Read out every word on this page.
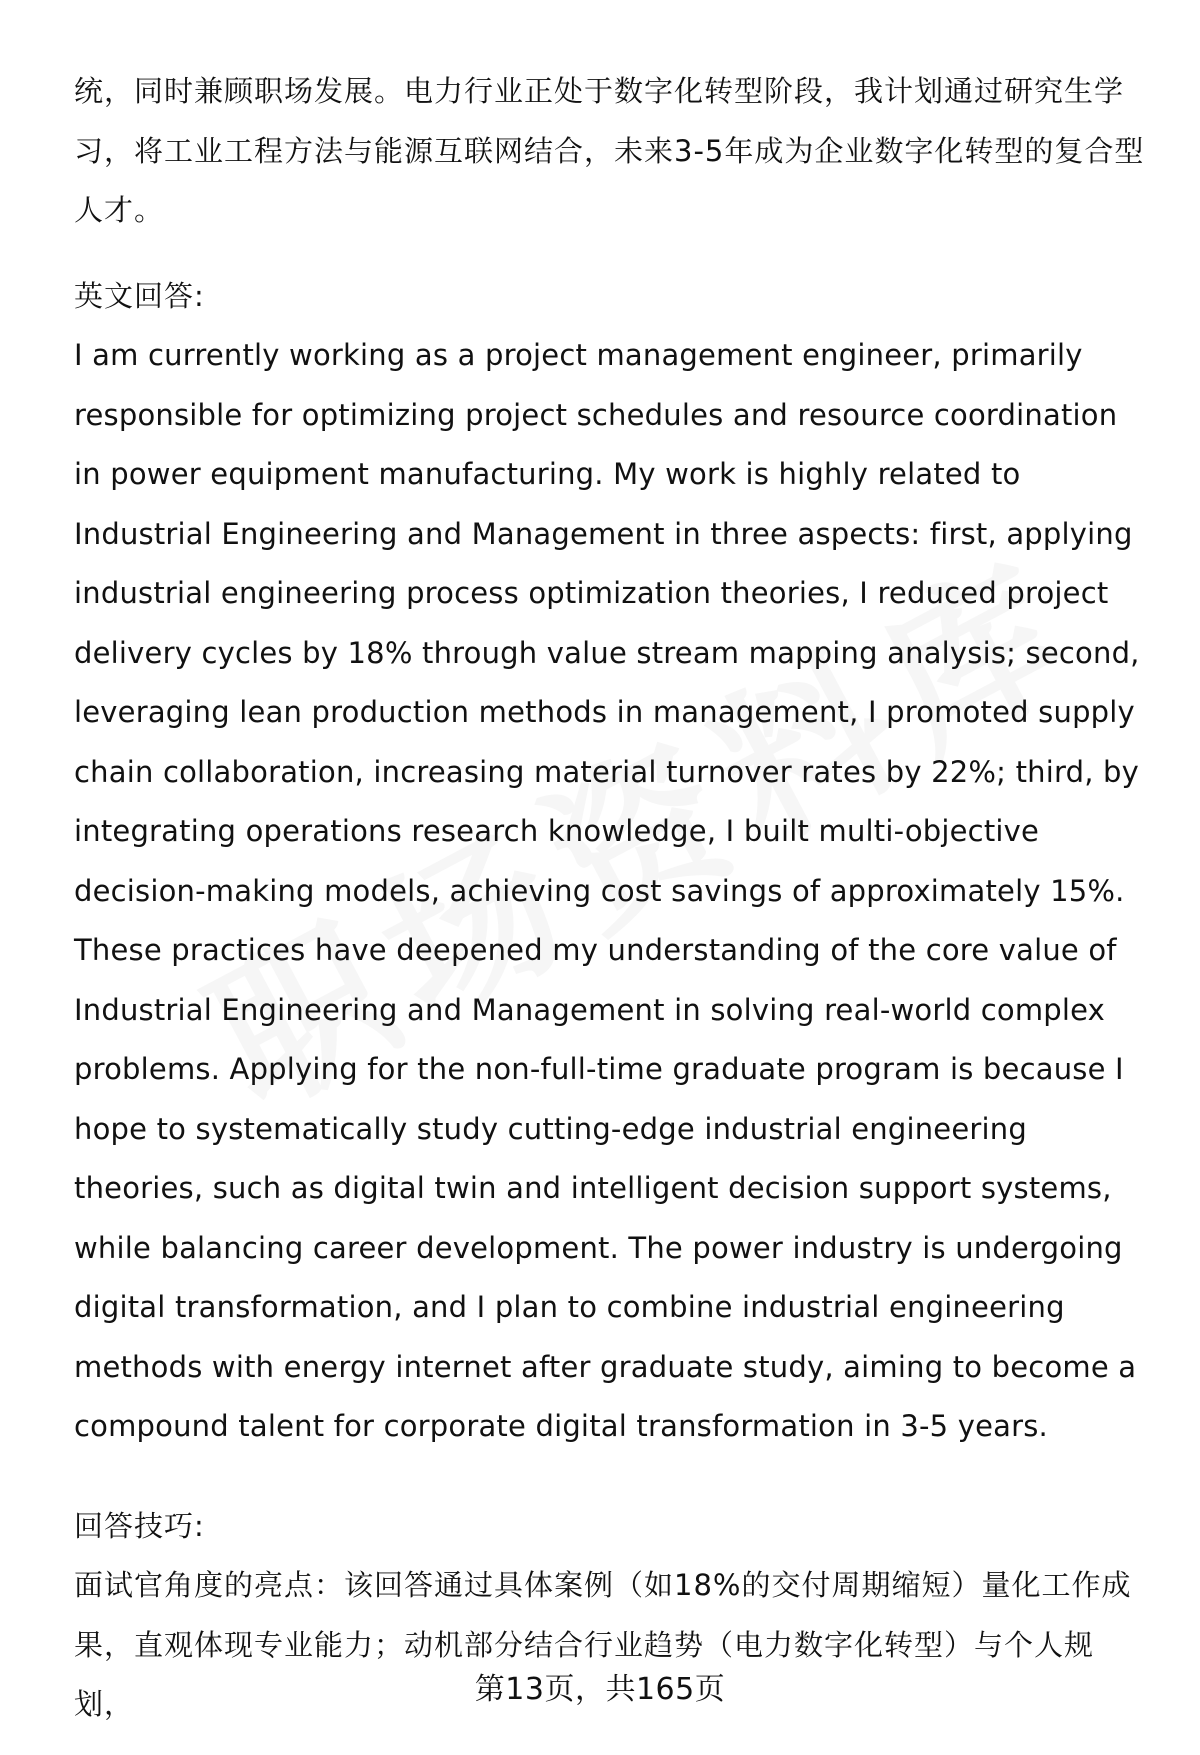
统，同时兼顾职场发展。电力行业正处于数字化转型阶段，我计划通过研究生学习，将工业工程方法与能源互联网结合，未来3-5年成为企业数字化转型的复合型人才。

英文回答:

I am currently working as a project management engineer, primarily responsible for optimizing project schedules and resource coordination in power equipment manufacturing. My work is highly related to Industrial Engineering and Management in three aspects: first, applying industrial engineering process optimization theories, I reduced project delivery cycles by 18% through value stream mapping analysis; second, leveraging lean production methods in management, I promoted supply chain collaboration, increasing material turnover rates by 22%; third, by integrating operations research knowledge, I built multi-objective decision-making models, achieving cost savings of approximately 15%. These practices have deepened my understanding of the core value of Industrial Engineering and Management in solving real-world complex problems. Applying for the non-full-time graduate program is because I hope to systematically study cutting-edge industrial engineering theories, such as digital twin and intelligent decision support systems, while balancing career development. The power industry is undergoing digital transformation, and I plan to combine industrial engineering methods with energy internet after graduate study, aiming to become a compound talent for corporate digital transformation in 3-5 years.

回答技巧:

面试官角度的亮点：该回答通过具体案例（如18%的交付周期缩短）量化工作成果，直观体现专业能力；动机部分结合行业趋势（电力数字化转型）与个人规划，	第13页，共165页
